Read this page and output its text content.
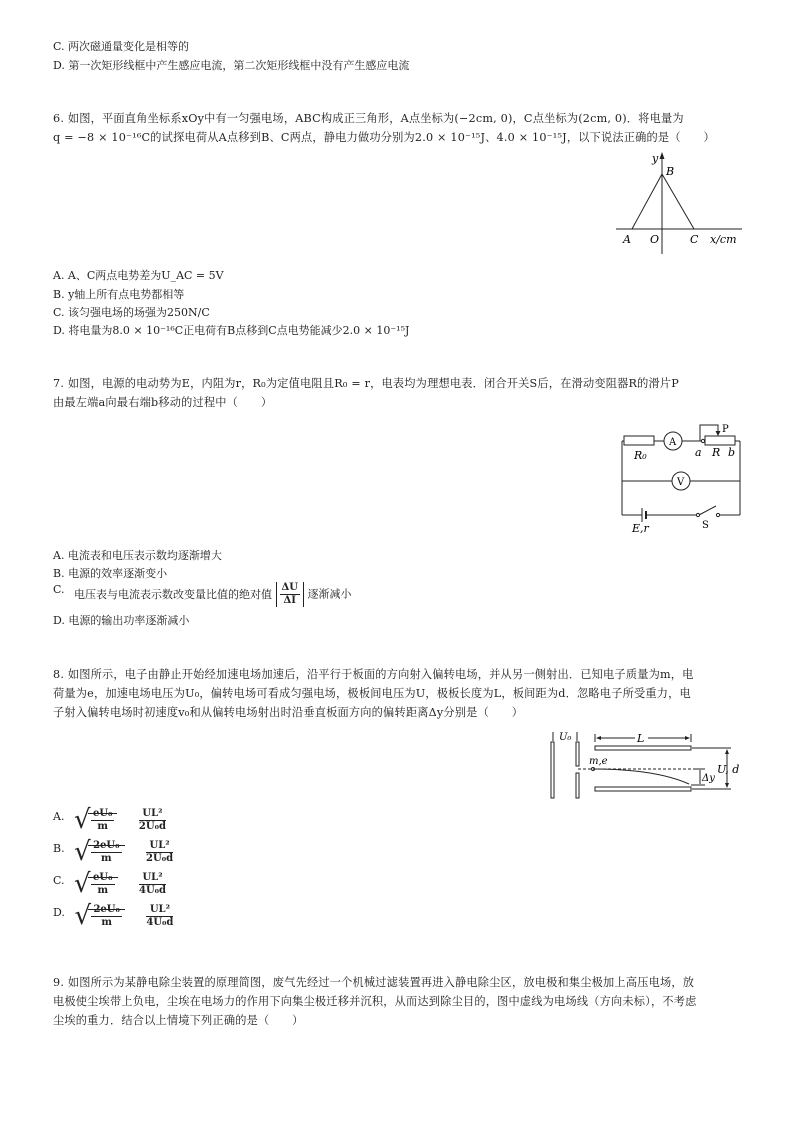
C. 两次磁通量变化是相等的
D. 第一次矩形线框中产生感应电流，第二次矩形线框中没有产生感应电流
6. 如图，平面直角坐标系xOy中有一匀强电场，ABC构成正三角形，A点坐标为(−2cm, 0)，C点坐标为(2cm, 0)．将电量为
q = −8 × 10⁻¹⁶C的试探电荷从A点移到B、C两点，静电力做功分别为2.0 × 10⁻¹⁵J、4.0 × 10⁻¹⁵J，以下说法正确的是（　　）
y
B
A O	C x/cm
A. A、C两点电势差为U_AC = 5V
B. y轴上所有点电势都相等
C. 该匀强电场的场强为250N/C
D. 将电量为8.0 × 10⁻¹⁶C正电荷有B点移到C点电势能减少2.0 × 10⁻¹⁵J
7. 如图，电源的电动势为E，内阻为r，R₀为定值电阻且R₀ = r，电表均为理想电表．闭合开关S后，在滑动变阻器R的滑片P
由最左端a向最右端b移动的过程中（　　）
A
V
P
R₀	a R b
E,r	S
A. 电流表和电压表示数均逐渐增大
B. 电源的效率逐渐变小
C. 电压表与电流表示数改变量比值的绝对值 $\frac{\Delta U}{\Delta I}$ 逐渐减小
D. 电源的输出功率逐渐减小
8. 如图所示，电子由静止开始经加速电场加速后，沿平行于板面的方向射入偏转电场，并从另一侧射出．已知电子质量为m，电
荷量为e，加速电场电压为U₀，偏转电场可看成匀强电场，极板间电压为U，极板长度为L，板间距为d．忽略电子所受重力，电
子射入偏转电场时初速度v₀和从偏转电场射出时沿垂直板面方向的偏转距离Δy分别是（　　）
U₀	L
m,e
U, d
Δy
A. √ $\frac{\text{eU₀}}{m}$
$\frac{\text{UL²}}{\text{2U₀d}}$
B. √ $\frac{\text{2eU₀}}{m}$
$\frac{\text{UL²}}{\text{2U₀d}}$
C. √ $\frac{\text{eU₀}}{m}$
$\frac{\text{UL²}}{\text{4U₀d}}$
D. √ $\frac{\text{2eU₀}}{m}$
$\frac{\text{UL²}}{\text{4U₀d}}$
9. 如图所示为某静电除尘装置的原理简图，废气先经过一个机械过滤装置再进入静电除尘区，放电极和集尘极加上高压电场，放
电极使尘埃带上负电，尘埃在电场力的作用下向集尘极迁移并沉积，从而达到除尘目的，图中虚线为电场线（方向未标），不考虑
尘埃的重力．结合以上情境下列正确的是（　　）
